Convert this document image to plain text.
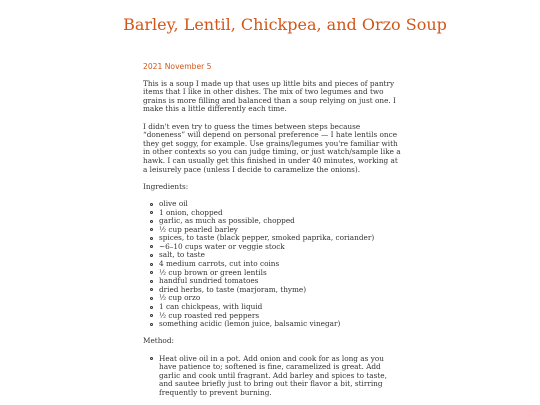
Barley, Lentil, Chickpea, and Orzo Soup
2021 November 5

This is a soup I made up that uses up little bits and pieces of pantry items that I like in other dishes. The mix of two legumes and two grains is more filling and balanced than a soup relying on just one. I make this a little differently each time.

I didn't even try to guess the times between steps because “doneness” will depend on personal preference — I hate lentils once they get soggy, for example. Use grains/legumes you're familiar with in other contexts so you can judge timing, or just watch/sample like a hawk. I can usually get this finished in under 40 minutes, working at a leisurely pace (unless I decide to caramelize the onions).

Ingredients:

olive oil
1 onion, chopped
garlic, as much as possible, chopped
½ cup pearled barley
spices, to taste (black pepper, smoked paprika, coriander)
~6–10 cups water or veggie stock
salt, to taste
4 medium carrots, cut into coins
½ cup brown or green lentils
handful sundried tomatoes
dried herbs, to taste (marjoram, thyme)
½ cup orzo
1 can chickpeas, with liquid
½ cup roasted red peppers
something acidic (lemon juice, balsamic vinegar)

Method:

Heat olive oil in a pot. Add onion and cook for as long as you have patience to; softened is fine, caramelized is great. Add garlic and cook until fragrant. Add barley and spices to taste, and sautee briefly just to bring out their flavor a bit, stirring frequently to prevent burning.
